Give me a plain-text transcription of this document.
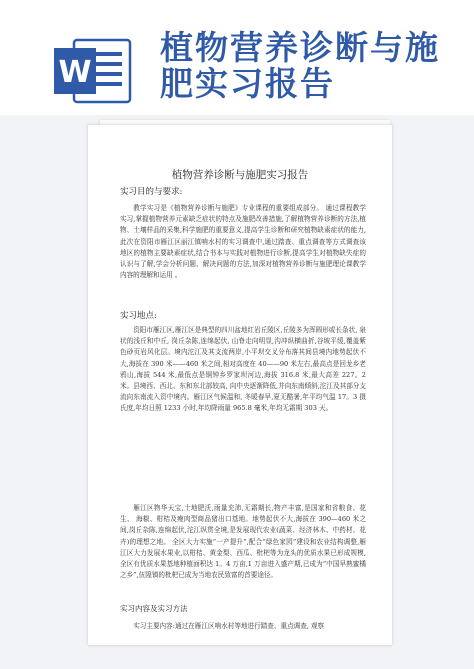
W
植物营养诊断与施
肥实习报告
植物营养诊断与施肥实习报告
实习目的与要求:
教学实习是《植物营养诊断与施肥》专业课程的重要组成部分。 通过课程教学实习,掌握植物营养元素缺乏症状的特点及施肥改善措施,了解植物营养诊断的方法,植物、土壤样品的采集,科学施肥的重要意义,提高学生诊断和研究植物缺素症状的能力,此次在资阳市雁江区丽江镇响水村的实习调查中,通过踏查、重点调查等方式调查该地区的植物主要缺素症状,结合书本与实践对植物进行诊断,提高学生对植物缺失症的认识与了解,学会分析问题、解决问题的方法,加深对植物营养诊断与施肥理论课教学内容的理解和运用 。
实习地点:
资阳市雁江区,雁江区是典型的四川盆地红岩丘陵区,丘陵多为浑圆形或长条状, 泉状的浅丘和中丘, 岗丘杂陈,连绵起伏, 山脊走向明显,沟冲纵横曲折,谷坡平缓,覆盖紫色砂页岩风化层。境内沱江及其支流两岸,小平坝交叉分布落其间县境内地势起伏不大,海拔在 390 米——460 米之间,相对高度在 40——90 米左右,最高点是回龙乡老鸦山,海拔 544 米,最低点是铜钟乡罗家坝河边,海拔 316.8 米,最大高差 227。2 米。县境西、西北、东和东北部较高, 向中央逐渐降低,并向东南倾斜,沱江及其部分支流向东南流入资中境内。雁江区气候温和, 冬暖春早,夏无酷暑,年平均气温 17。3 摄氏度,年均日照 1233 小时,年均降雨量 965.8 毫米,年均无霜期 303 天。
雁江区物华天宝,土地肥沃,雨量充沛,无霜期长,物产丰富,是国家和省粮食、花生、 海椒、柑桔及瘦肉型商品猪出口基地。地势起伏不大,海拔在 390—460 米之间,岗丘杂陈,连绵起伏,沱江纵贯全境,是发展现代农业(蔬菜、经济林木、中药材、花卉)的理想之地。 全区大力实施“一产提升”,配合“绿色家园”建设和农业结构调整,雁江区大力发展水果业,以柑桔、黄金梨、西瓜、枇杷等为龙头的优质水果已形成规模,全区有优质水果基地种植面积达 1。4 万亩,1 万亩进入盛产期,已成为“中国早熟蜜橘之乡”,伍隍镇的枇杷已成为当地农民致富的首要途径。
实习内容及实习方法
实习主要内容:通过在雁江区响水村等地进行踏查、重点调查, 观察
